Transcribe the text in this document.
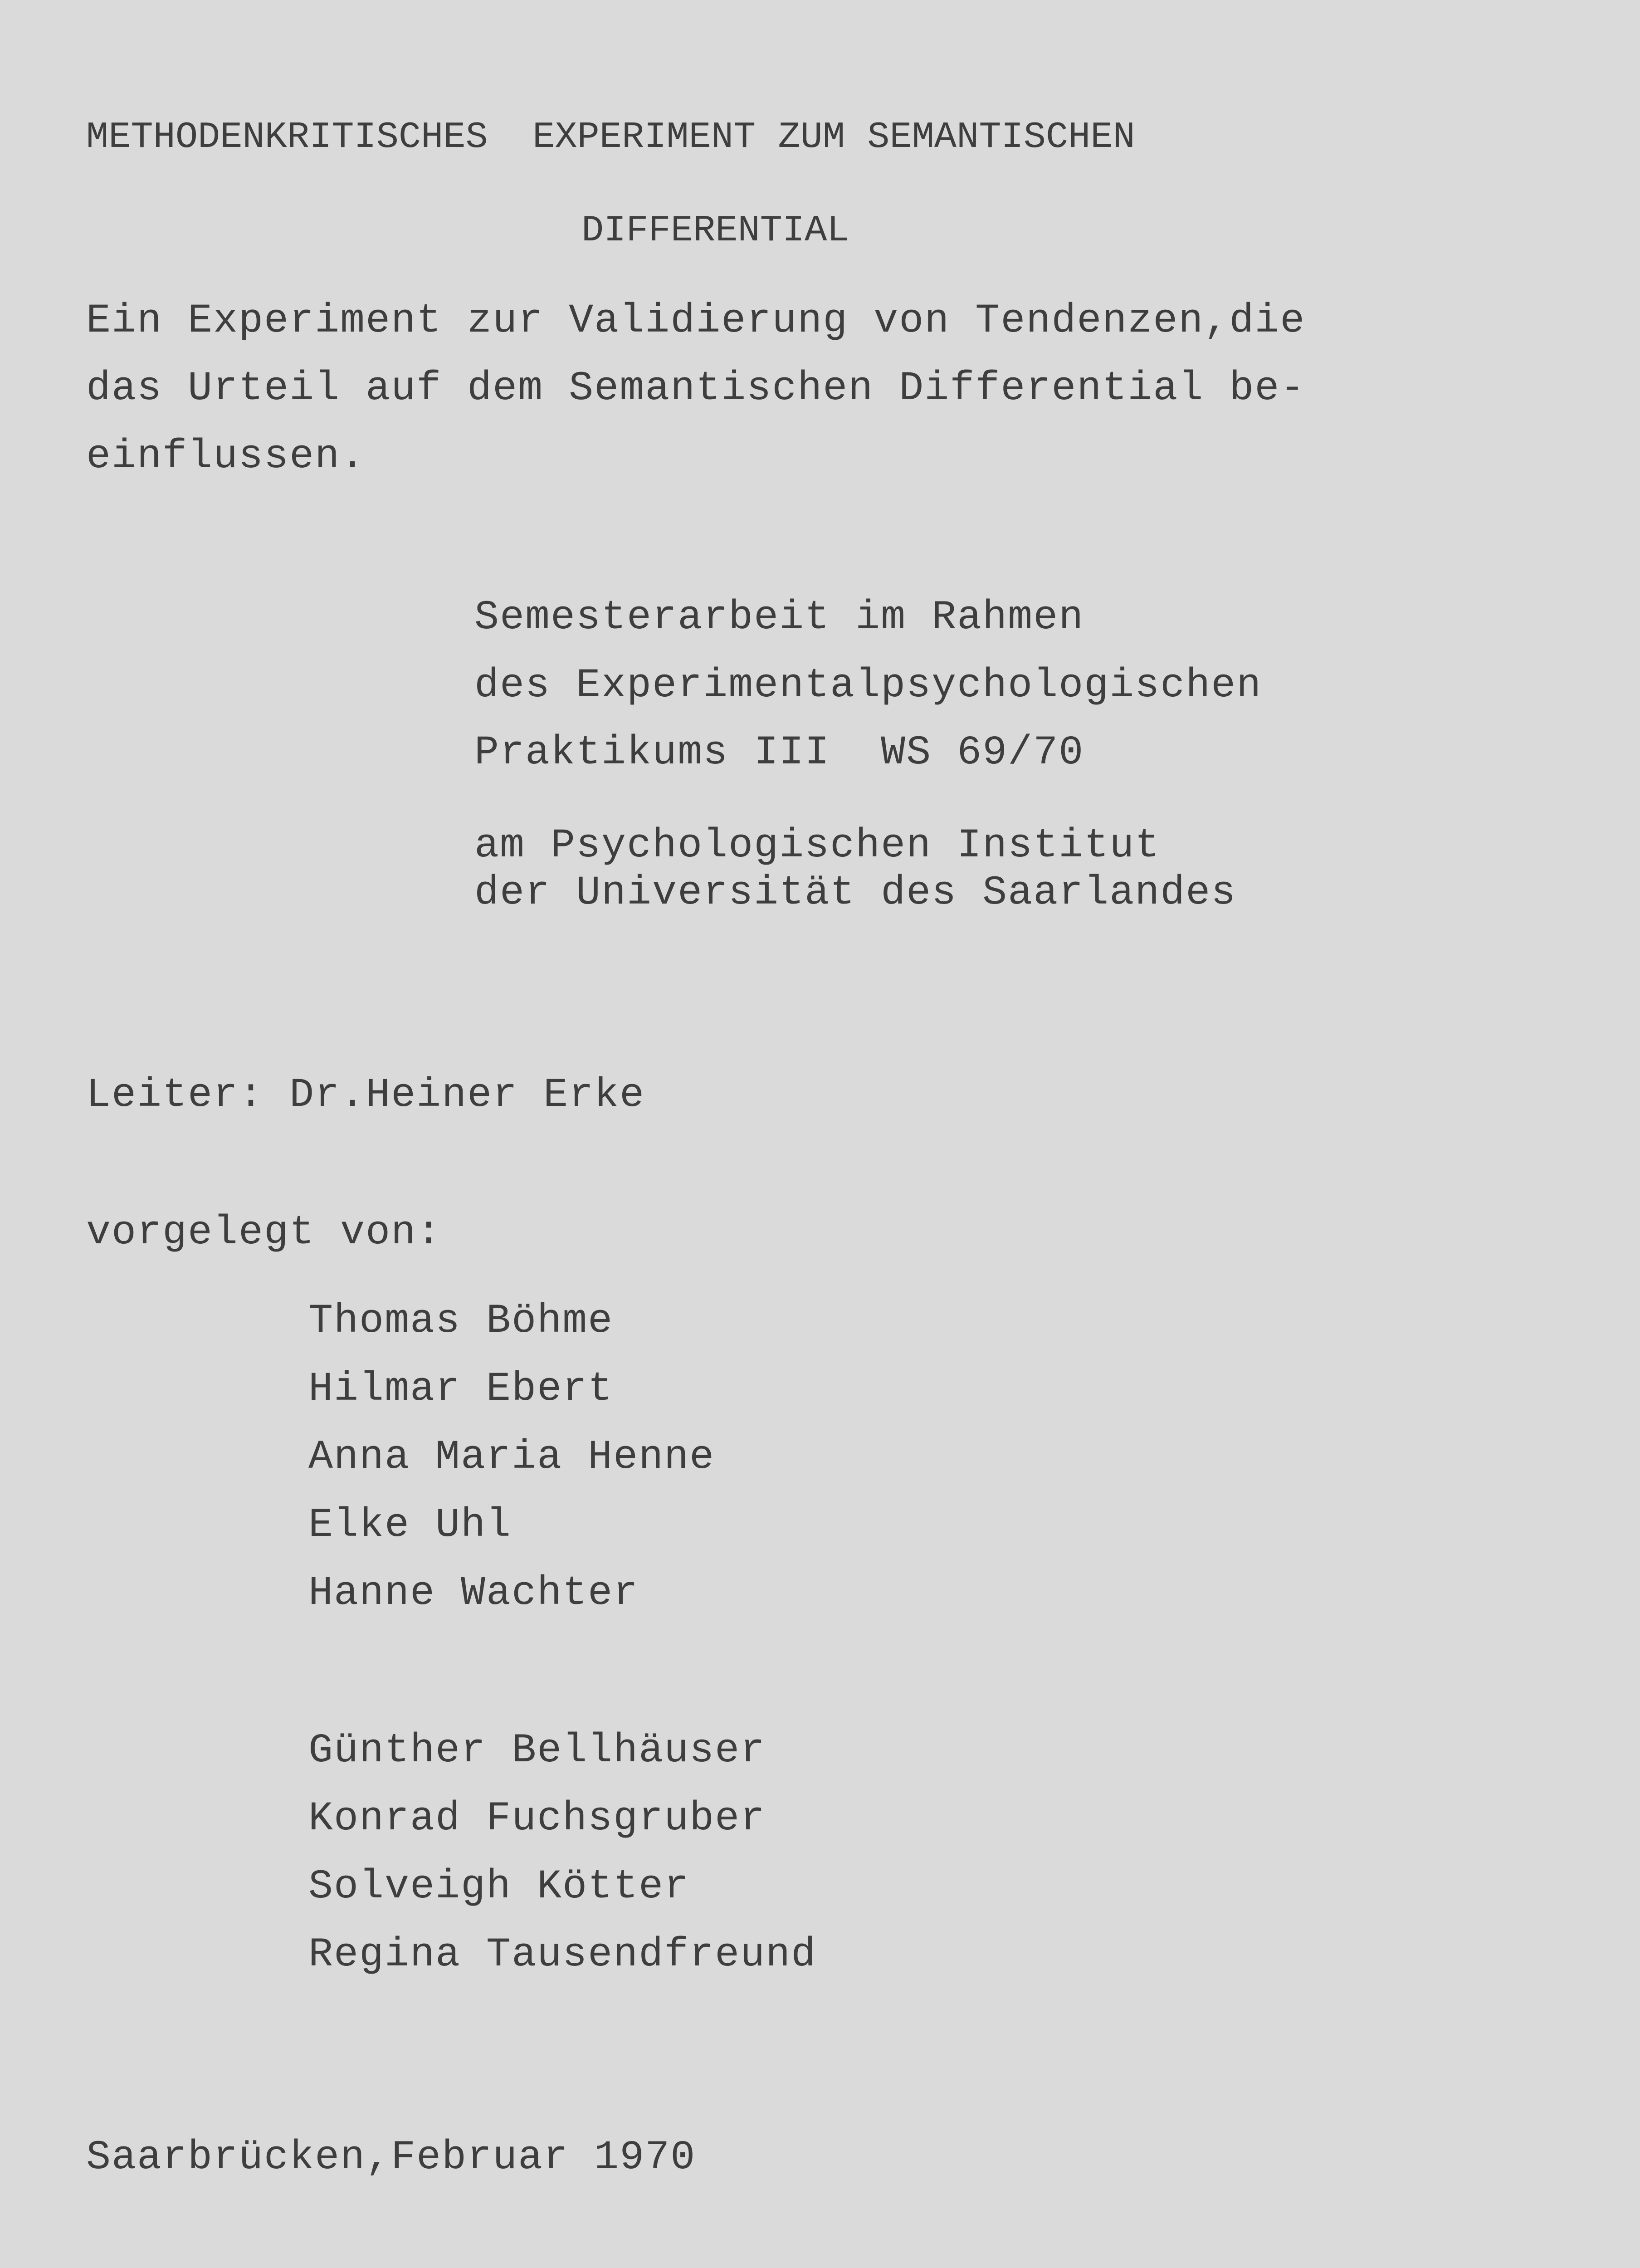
METHODENKRITISCHES  EXPERIMENT ZUM SEMANTISCHEN
DIFFERENTIAL
Ein Experiment zur Validierung von Tendenzen,die
das Urteil auf dem Semantischen Differential be-
einflussen.
Semesterarbeit im Rahmen
des Experimentalpsychologischen
Praktikums III  WS 69/70
am Psychologischen Institut
der Universität des Saarlandes
Leiter: Dr.Heiner Erke
vorgelegt von:
Thomas Böhme
Hilmar Ebert
Anna Maria Henne
Elke Uhl
Hanne Wachter
Günther Bellhäuser
Konrad Fuchsgruber
Solveigh Kötter
Regina Tausendfreund
Saarbrücken,Februar 1970
